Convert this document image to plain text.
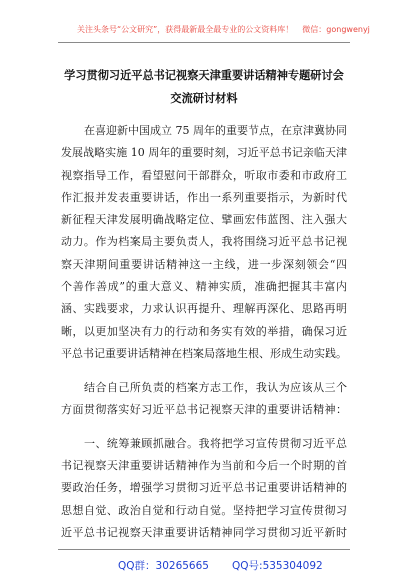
关注头条号“公文研究”，获得最新最全最专业的公文资料库！ 微信：gongwenyj
学习贯彻习近平总书记视察天津重要讲话精神专题研讨会
交流研讨材料
在喜迎新中国成立 75 周年的重要节点，在京津冀协同
发展战略实施 10 周年的重要时刻，习近平总书记亲临天津
视察指导工作，看望慰问干部群众，听取市委和市政府工
作汇报并发表重要讲话，作出一系列重要指示，为新时代
新征程天津发展明确战略定位、擘画宏伟蓝图、注入强大
动力。作为档案局主要负责人，我将围绕习近平总书记视
察天津期间重要讲话精神这一主线，进一步深刻领会“四
个善作善成”的重大意义、精神实质，准确把握其丰富内
涵、实践要求，力求认识再提升、理解再深化、思路再明
晰，以更加坚决有力的行动和务实有效的举措，确保习近
平总书记重要讲话精神在档案局落地生根、形成生动实践。
结合自己所负责的档案方志工作，我认为应该从三个
方面贯彻落实好习近平总书记视察天津的重要讲话精神：
一、统筹兼顾抓融合。我将把学习宣传贯彻习近平总
书记视察天津重要讲话精神作为当前和今后一个时期的首
要政治任务，增强学习贯彻习近平总书记重要讲话精神的
思想自觉、政治自觉和行动自觉。坚持把学习宣传贯彻习
近平总书记视察天津重要讲话精神同学习贯彻习近平新时
QQ群：30265665 QQ号:535304092
